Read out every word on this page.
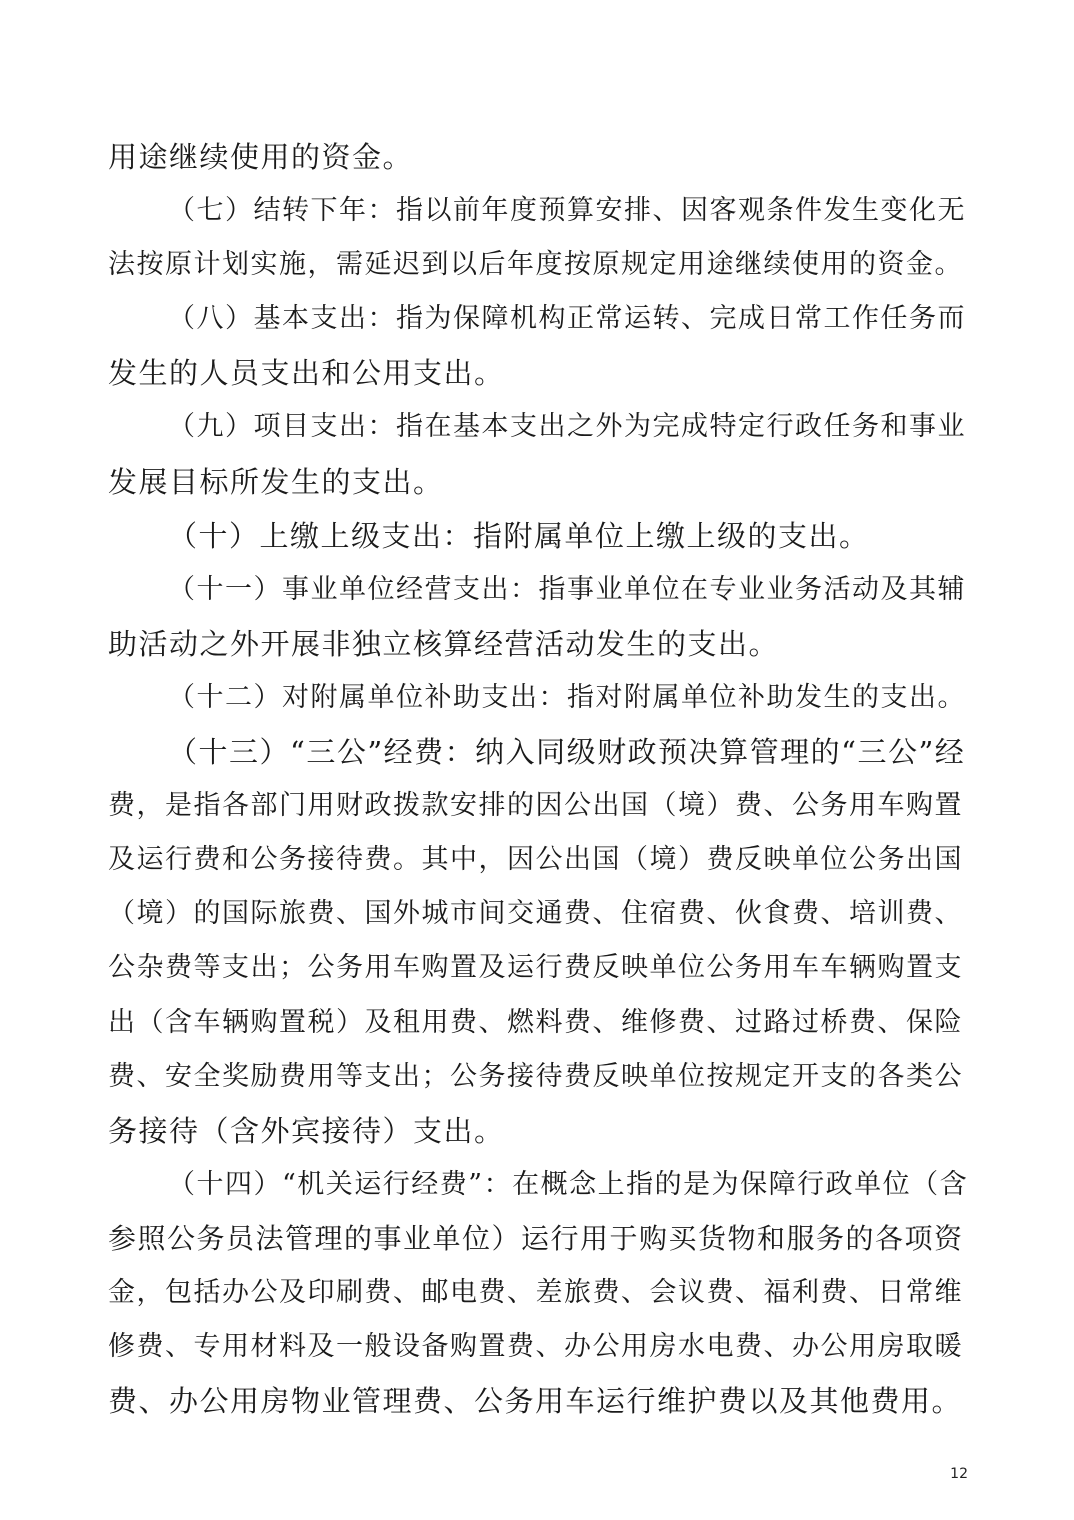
用途继续使用的资金。
（七）结转下年：指以前年度预算安排、因客观条件发生变化无
法按原计划实施，需延迟到以后年度按原规定用途继续使用的资金。
（八）基本支出：指为保障机构正常运转、完成日常工作任务而
发生的人员支出和公用支出。
（九）项目支出：指在基本支出之外为完成特定行政任务和事业
发展目标所发生的支出。
（十）上缴上级支出：指附属单位上缴上级的支出。
（十一）事业单位经营支出：指事业单位在专业业务活动及其辅
助活动之外开展非独立核算经营活动发生的支出。
（十二）对附属单位补助支出：指对附属单位补助发生的支出。
（十三）“三公”经费：纳入同级财政预决算管理的“三公”经
费，是指各部门用财政拨款安排的因公出国（境）费、公务用车购置
及运行费和公务接待费。其中，因公出国（境）费反映单位公务出国
（境）的国际旅费、国外城市间交通费、住宿费、伙食费、培训费、
公杂费等支出；公务用车购置及运行费反映单位公务用车车辆购置支
出（含车辆购置税）及租用费、燃料费、维修费、过路过桥费、保险
费、安全奖励费用等支出；公务接待费反映单位按规定开支的各类公
务接待（含外宾接待）支出。
（十四）“机关运行经费”：在概念上指的是为保障行政单位（含
参照公务员法管理的事业单位）运行用于购买货物和服务的各项资
金，包括办公及印刷费、邮电费、差旅费、会议费、福利费、日常维
修费、专用材料及一般设备购置费、办公用房水电费、办公用房取暖
费、办公用房物业管理费、公务用车运行维护费以及其他费用。
12
